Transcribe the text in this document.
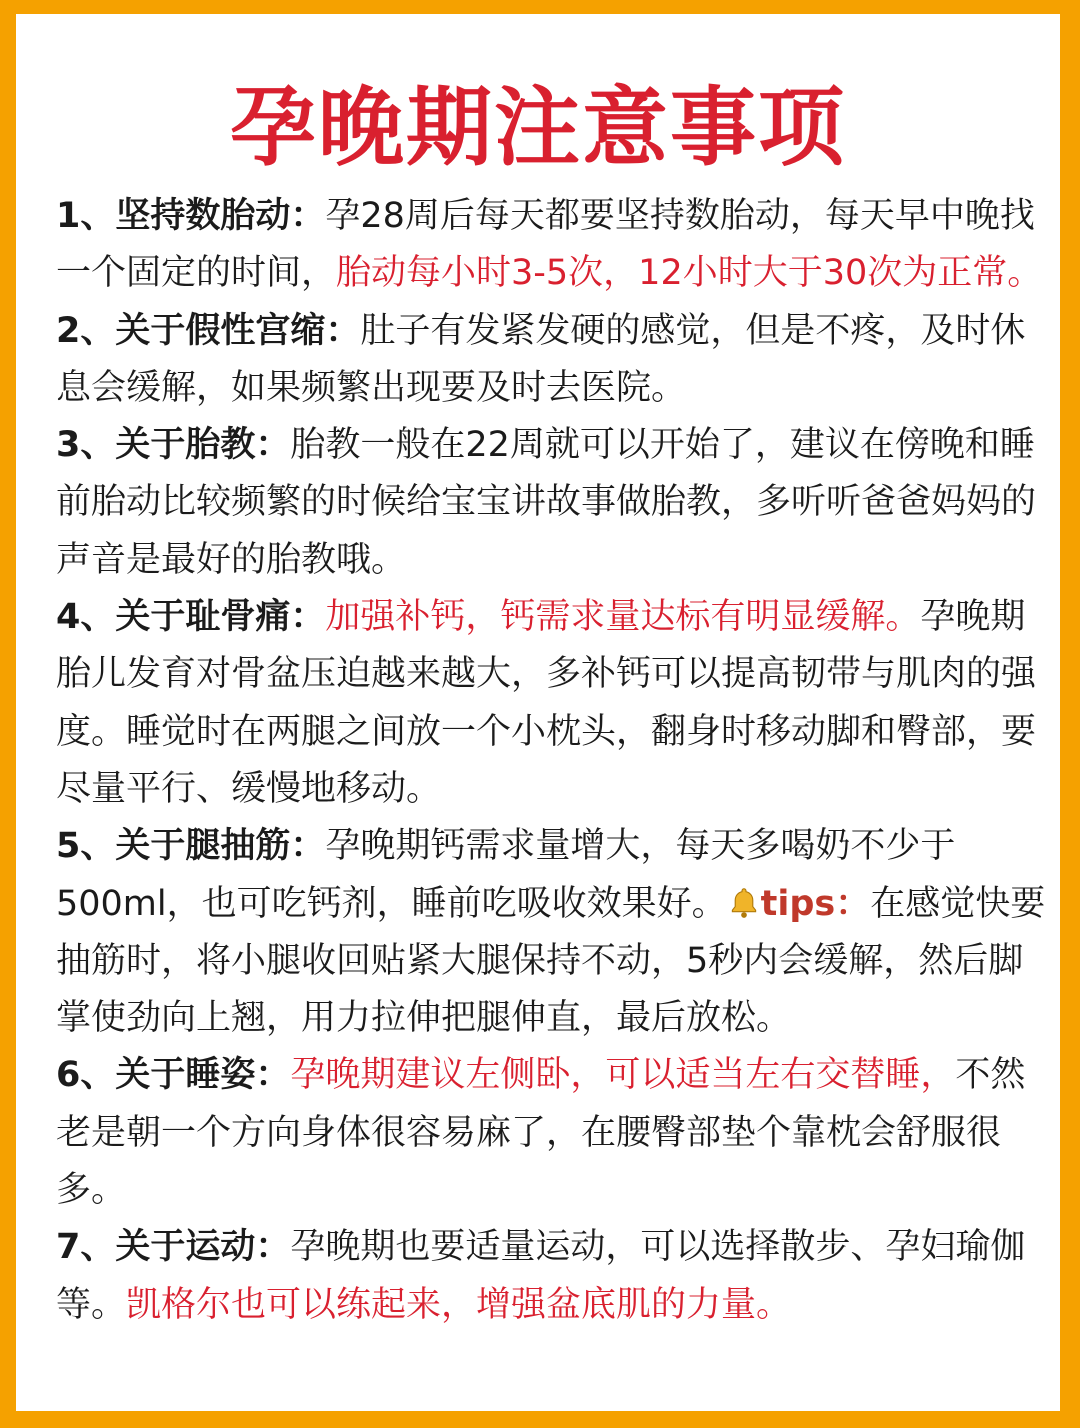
孕晚期注意事项

1、坚持数胎动：孕28周后每天都要坚持数胎动，每天早中晚找一个固定的时间，胎动每小时3-5次，12小时大于30次为正常。

2、关于假性宫缩：肚子有发紧发硬的感觉，但是不疼，及时休息会缓解，如果频繁出现要及时去医院。

3、关于胎教：胎教一般在22周就可以开始了，建议在傍晚和睡前胎动比较频繁的时候给宝宝讲故事做胎教，多听听爸爸妈妈的声音是最好的胎教哦。

4、关于耻骨痛：加强补钙，钙需求量达标有明显缓解。孕晚期胎儿发育对骨盆压迫越来越大，多补钙可以提高韧带与肌肉的强度。睡觉时在两腿之间放一个小枕头，翻身时移动脚和臀部，要尽量平行、缓慢地移动。

5、关于腿抽筋：孕晚期钙需求量增大，每天多喝奶不少于500ml，也可吃钙剂，睡前吃吸收效果好。 tips：在感觉快要抽筋时，将小腿收回贴紧大腿保持不动，5秒内会缓解，然后脚掌使劲向上翘，用力拉伸把腿伸直，最后放松。

6、关于睡姿：孕晚期建议左侧卧，可以适当左右交替睡，不然老是朝一个方向身体很容易麻了，在腰臀部垫个靠枕会舒服很多。

7、关于运动：孕晚期也要适量运动，可以选择散步、孕妇瑜伽等。凯格尔也可以练起来，增强盆底肌的力量。
